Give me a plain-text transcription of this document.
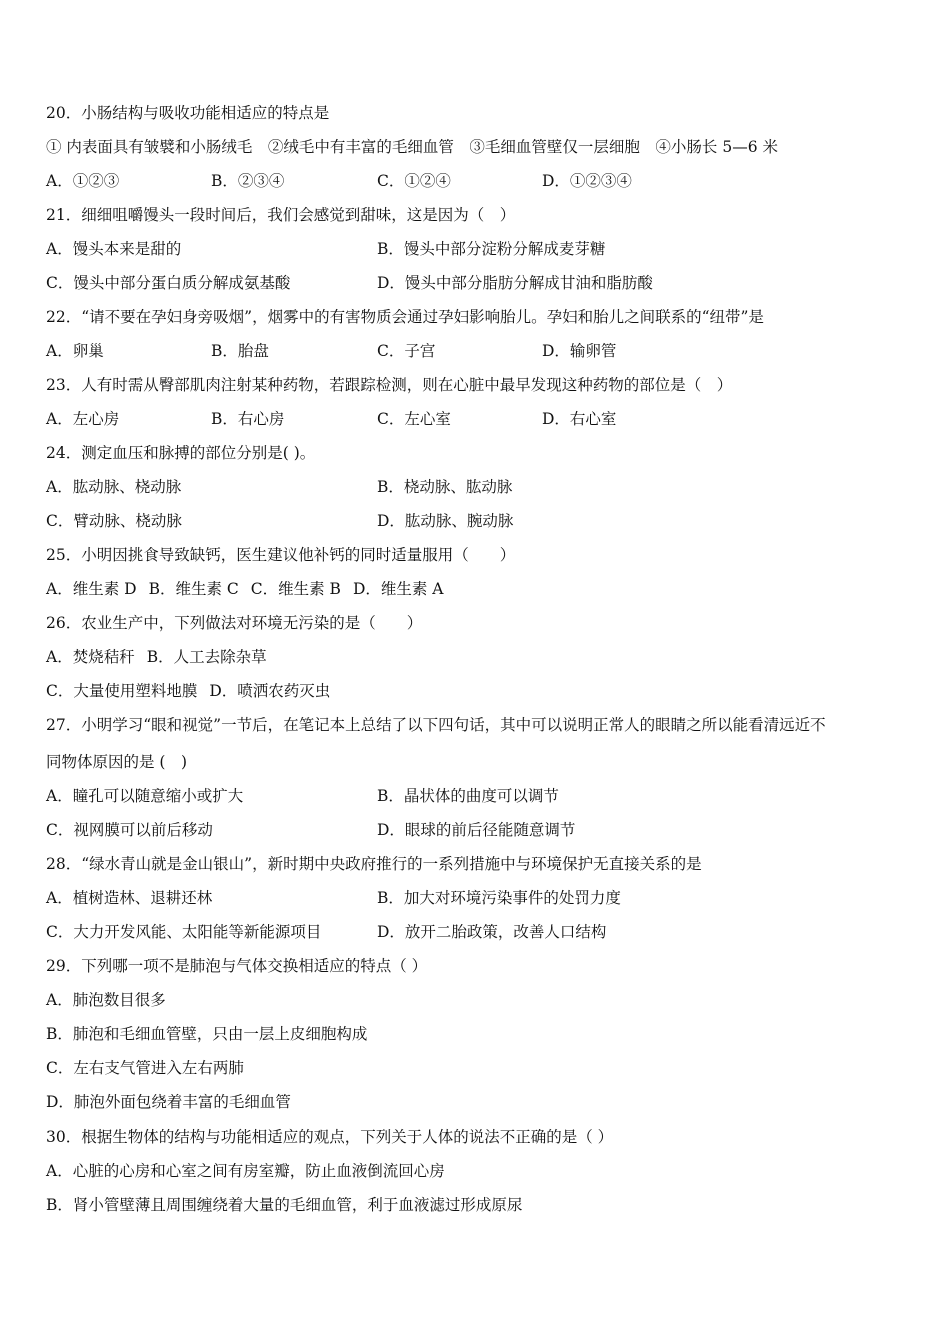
20．小肠结构与吸收功能相适应的特点是
① 内表面具有皱襞和小肠绒毛　②绒毛中有丰富的毛细血管　③毛细血管壁仅一层细胞　④小肠长 5—6 米
A．①②③	B．②③④	C．①②④	D．①②③④
21．细细咀嚼馒头一段时间后，我们会感觉到甜味，这是因为（　）
A．馒头本来是甜的	B．馒头中部分淀粉分解成麦芽糖
C．馒头中部分蛋白质分解成氨基酸	D．馒头中部分脂肪分解成甘油和脂肪酸
22．“请不要在孕妇身旁吸烟”，烟雾中的有害物质会通过孕妇影响胎儿。孕妇和胎儿之间联系的“纽带”是
A．卵巢	B．胎盘	C．子宫	D．输卵管
23．人有时需从臀部肌肉注射某种药物，若跟踪检测，则在心脏中最早发现这种药物的部位是（　）
A．左心房	B．右心房	C．左心室	D．右心室
24．测定血压和脉搏的部位分别是( )。
A．肱动脉、桡动脉	B．桡动脉、肱动脉
C．臂动脉、桡动脉	D．肱动脉、腕动脉
25．小明因挑食导致缺钙，医生建议他补钙的同时适量服用（　　）
A．维生素 D B．维生素 C C．维生素 B D．维生素 A
26．农业生产中，下列做法对环境无污染的是（　　）
A．焚烧秸秆 B．人工去除杂草
C．大量使用塑料地膜 D．喷洒农药灭虫
27．小明学习“眼和视觉”一节后，在笔记本上总结了以下四句话，其中可以说明正常人的眼睛之所以能看清远近不
同物体原因的是 (　)
A．瞳孔可以随意缩小或扩大	B．晶状体的曲度可以调节
C．视网膜可以前后移动	D．眼球的前后径能随意调节
28．“绿水青山就是金山银山”，新时期中央政府推行的一系列措施中与环境保护无直接关系的是
A．植树造林、退耕还林	B．加大对环境污染事件的处罚力度
C．大力开发风能、太阳能等新能源项目	D．放开二胎政策，改善人口结构
29．下列哪一项不是肺泡与气体交换相适应的特点（ ）
A．肺泡数目很多
B．肺泡和毛细血管壁，只由一层上皮细胞构成
C．左右支气管进入左右两肺
D．肺泡外面包绕着丰富的毛细血管
30．根据生物体的结构与功能相适应的观点，下列关于人体的说法不正确的是（ ）
A．心脏的心房和心室之间有房室瓣，防止血液倒流回心房
B．肾小管壁薄且周围缠绕着大量的毛细血管，利于血液滤过形成原尿
